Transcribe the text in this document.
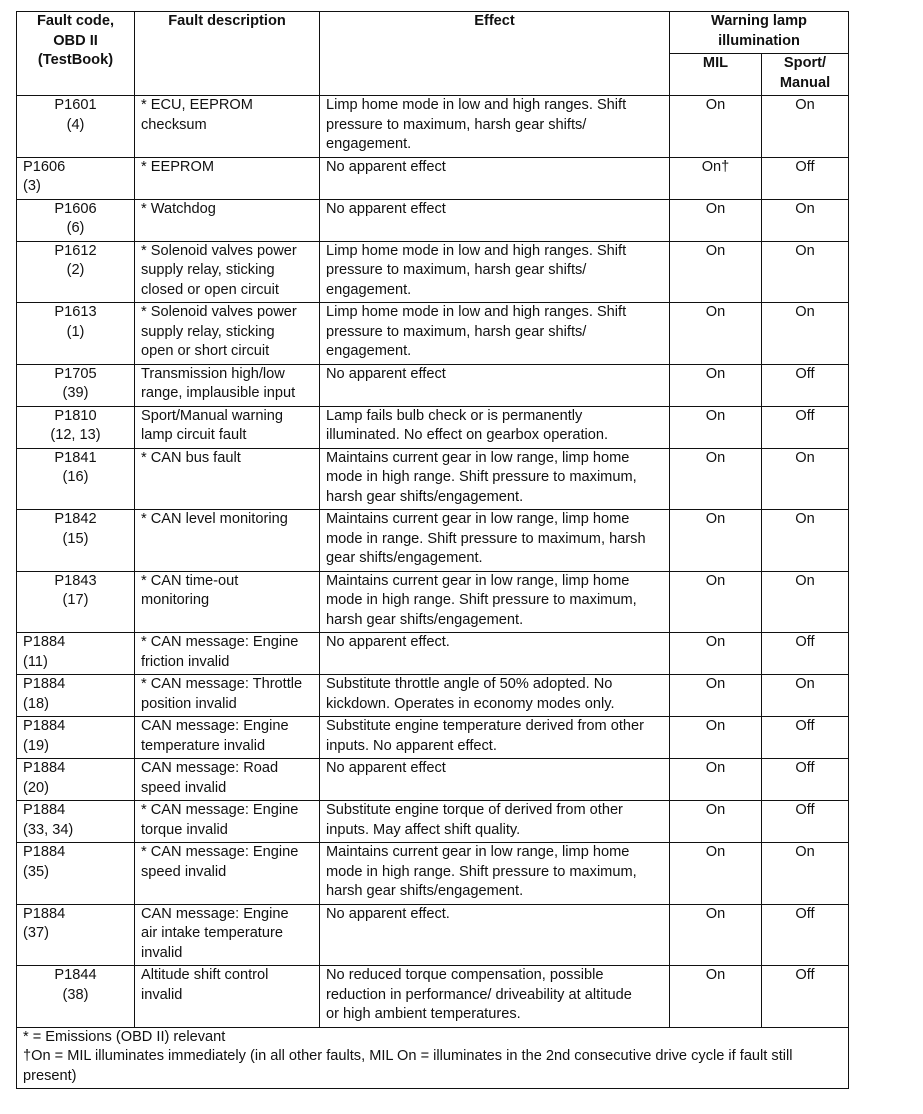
Fault code,
OBD II
(TestBook)	Fault description	Effect	Warning lamp
illumination	
			MIL	Sport/
Manual
P1601
(4)	* ECU, EEPROM
checksum	Limp home mode in low and high ranges. Shift
pressure to maximum, harsh gear shifts/
engagement.	On	On
P1606
(3)	* EEPROM	No apparent effect	On†	Off
P1606
(6)	* Watchdog	No apparent effect	On	On
P1612
(2)	* Solenoid valves power
supply relay, sticking
closed or open circuit	Limp home mode in low and high ranges. Shift
pressure to maximum, harsh gear shifts/
engagement.	On	On
P1613
(1)	* Solenoid valves power
supply relay, sticking
open or short circuit	Limp home mode in low and high ranges. Shift
pressure to maximum, harsh gear shifts/
engagement.	On	On
P1705
(39)	Transmission high/low
range, implausible input	No apparent effect	On	Off
P1810
(12, 13)	Sport/Manual warning
lamp circuit fault	Lamp fails bulb check or is permanently
illuminated. No effect on gearbox operation.	On	Off
P1841
(16)	* CAN bus fault	Maintains current gear in low range, limp home
mode in high range. Shift pressure to maximum,
harsh gear shifts/engagement.	On	On
P1842
(15)	* CAN level monitoring	Maintains current gear in low range, limp home
mode in range. Shift pressure to maximum, harsh
gear shifts/engagement.	On	On
P1843
(17)	* CAN time-out
monitoring	Maintains current gear in low range, limp home
mode in high range. Shift pressure to maximum,
harsh gear shifts/engagement.	On	On
P1884
(11)	* CAN message: Engine
friction invalid	No apparent effect.	On	Off
P1884
(18)	* CAN message: Throttle
position invalid	Substitute throttle angle of 50% adopted. No
kickdown. Operates in economy modes only.	On	On
P1884
(19)	CAN message: Engine
temperature invalid	Substitute engine temperature derived from other
inputs. No apparent effect.	On	Off
P1884
(20)	CAN message: Road
speed invalid	No apparent effect	On	Off
P1884
(33, 34)	* CAN message: Engine
torque invalid	Substitute engine torque of derived from other
inputs. May affect shift quality.	On	Off
P1884
(35)	* CAN message: Engine
speed invalid	Maintains current gear in low range, limp home
mode in high range. Shift pressure to maximum,
harsh gear shifts/engagement.	On	On
P1884
(37)	CAN message: Engine
air intake temperature
invalid	No apparent effect.	On	Off
P1844
(38)	Altitude shift control
invalid	No reduced torque compensation, possible
reduction in performance/ driveability at altitude
or high ambient temperatures.	On	Off

* = Emissions (OBD II) relevant
†On = MIL illuminates immediately (in all other faults, MIL On = illuminates in the 2nd consecutive drive cycle if fault still
present)				
